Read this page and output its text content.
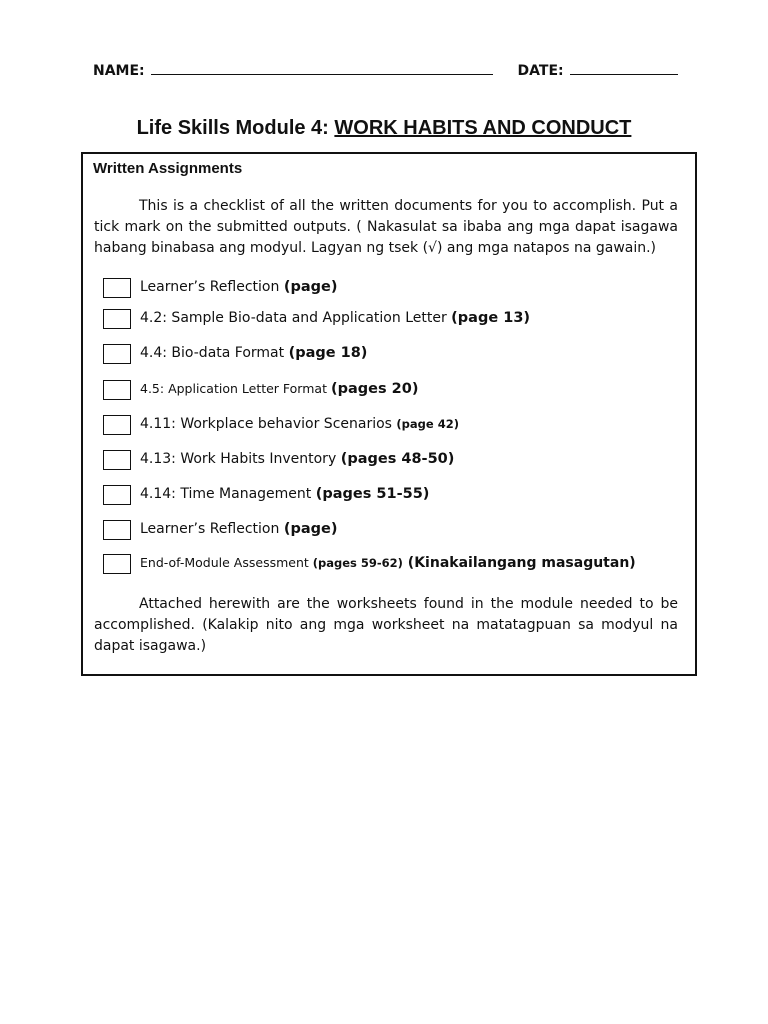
NAME:	DATE:
Life Skills Module 4: WORK HABITS AND CONDUCT
Written Assignments
This is a checklist of all the written documents for you to accomplish. Put a tick mark on the submitted outputs. ( Nakasulat sa ibaba ang mga dapat isagawa habang binabasa ang modyul. Lagyan ng tsek (√) ang mga natapos na gawain.)
Learner’s Reflection (page)
4.2: Sample Bio-data and Application Letter (page 13)
4.4: Bio-data Format (page 18)
4.5: Application Letter Format (pages 20)
4.11: Workplace behavior Scenarios (page 42)
4.13: Work Habits Inventory (pages 48-50)
4.14: Time Management (pages 51-55)
Learner’s Reflection (page)
End-of-Module Assessment (pages 59-62) (Kinakailangang masagutan)
Attached herewith are the worksheets found in the module needed to be accomplished. (Kalakip nito ang mga worksheet na matatagpuan sa modyul na dapat isagawa.)
